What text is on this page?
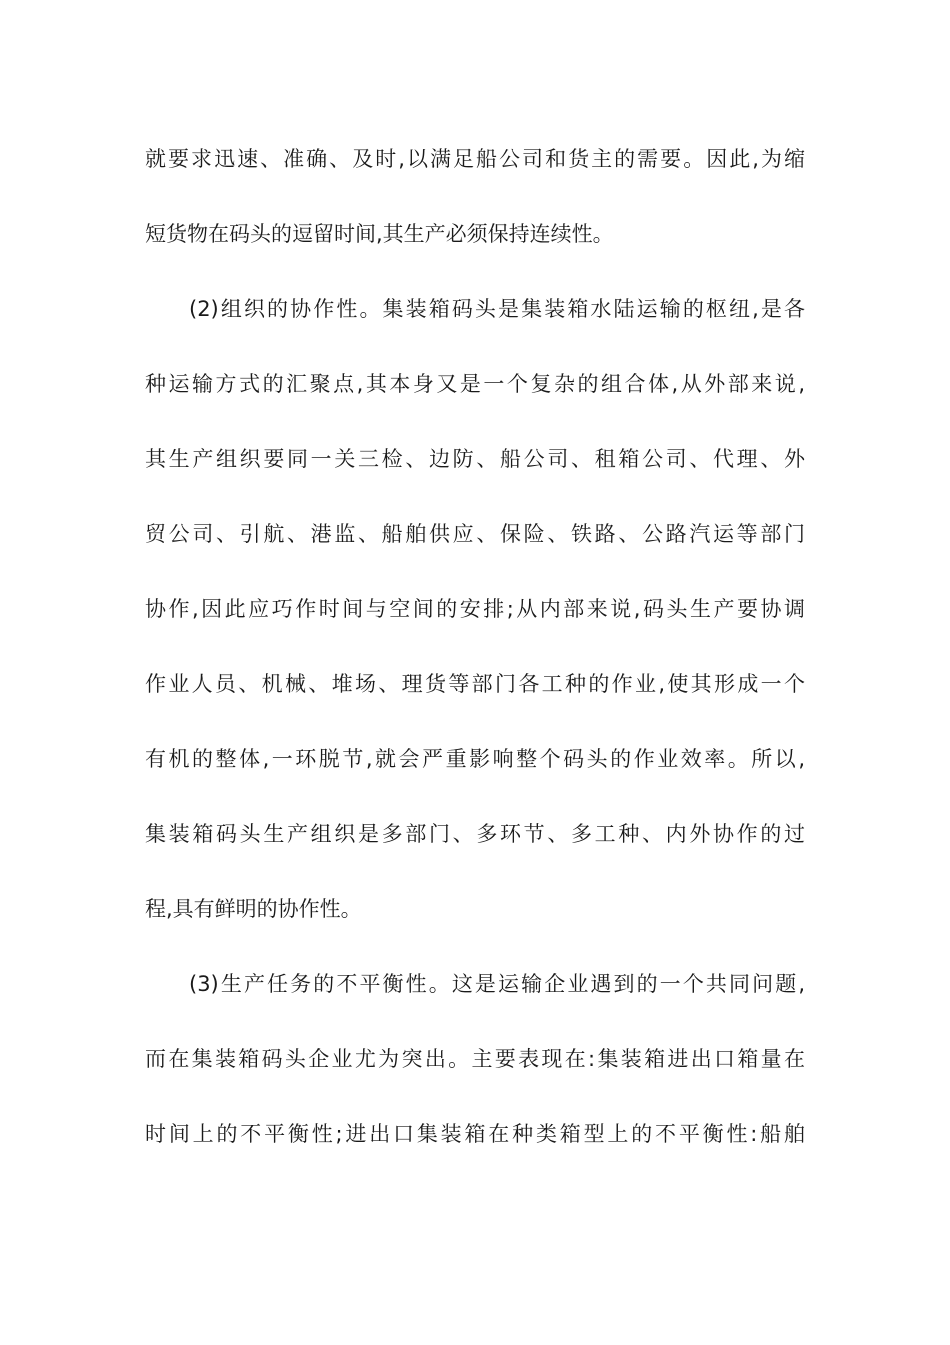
就要求迅速、准确、及时,以满足船公司和货主的需要。因此,为缩
短货物在码头的逗留时间,其生产必须保持连续性。
(2)组织的协作性。集装箱码头是集装箱水陆运输的枢纽,是各
种运输方式的汇聚点,其本身又是一个复杂的组合体,从外部来说,
其生产组织要同一关三检、边防、船公司、租箱公司、代理、外
贸公司、引航、港监、船舶供应、保险、铁路、公路汽运等部门
协作,因此应巧作时间与空间的安排;从内部来说,码头生产要协调
作业人员、机械、堆场、理货等部门各工种的作业,使其形成一个
有机的整体,一环脱节,就会严重影响整个码头的作业效率。所以,
集装箱码头生产组织是多部门、多环节、多工种、内外协作的过
程,具有鲜明的协作性。
(3)生产任务的不平衡性。这是运输企业遇到的一个共同问题,
而在集装箱码头企业尤为突出。主要表现在:集装箱进出口箱量在
时间上的不平衡性;进出口集装箱在种类箱型上的不平衡性:船舶
